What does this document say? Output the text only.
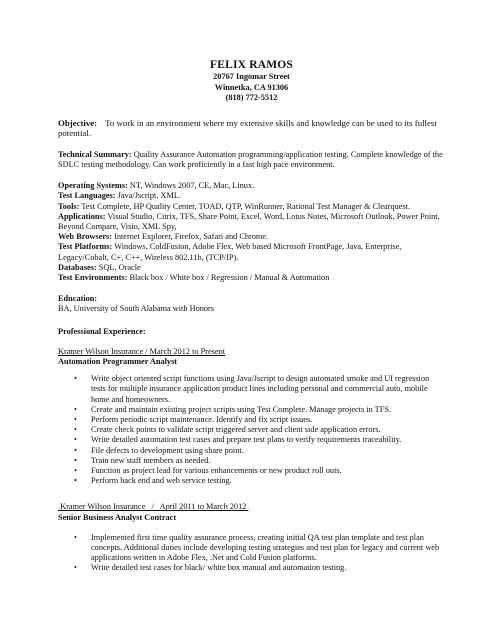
FELIX RAMOS
20767 Ingomar Street
Winnetka, CA 91306
(818) 772-5512
Objective: To work in an environment where my extensive skills and knowledge can be used to its fullest potential.
Technical Summary: Quality Assurance Automation programming/application testing. Complete knowledge of the SDLC testing methodology. Can work proficiently in a fast high pace environment.
Operating Systems: NT, Windows 2007, CE, Mac, Linux.
Test Languages: Java/Jscript, XML.
Tools: Test Complete, HP Quality Center, TOAD, QTP, WinRunner, Rational Test Manager & Clearquest.
Applications: Visual Studio, Citrix, TFS, Share Point, Excel, Word, Lotus Notes, Microsoft Outlook, Power Point, Beyond Compare, Visio, XML Spy,
Web Browsers: Internet Explorer, Firefox, Safari and Chrome.
Test Platforms: Windows, ColdFusion, Adobe Flex, Web based Microsoft FrontPage, Java, Enterprise, Legacy/Cobalt, C+, C++, Wireless 802.11b, (TCP/IP).
Databases: SQL, Oracle
Test Environments: Black box / White box / Regression / Manual & Automation
Education:
BA, University of South Alabama with Honors
Professional Experience:
Kramer Wilson Insurance / March 2012 to Present
Automation Programmer Analyst
• Write object oriented script functions using Java/Jscript to design automated smoke and UI regression tests for multiple insurance application product lines including personal and commercial auto, mobile home and homeowners.
• Create and maintain existing project scripts using Test Complete. Manage projects in TFS.
• Perform periodic script maintenance. Identify and fix script issues.
• Create check points to validate script triggered server and client side application errors.
• Write detailed automation test cases and prepare test plans to verify requirements traceability.
• File defects to development using share point.
• Train new staff members as needed.
• Function as project lead for various enhancements or new product roll outs.
• Perform back end and web service testing.
Kramer Wilson Insurance   /   April 2011 to March 2012
Senior Business Analyst Contract
• Implemented first time quality assurance process, creating initial QA test plan template and test plan concepts. Additional duties include developing testing strategies and test plan for legacy and current web applications written in Adobe Flex, .Net and Cold Fusion platforms.
• Write detailed test cases for black/ white box manual and automation testing.
